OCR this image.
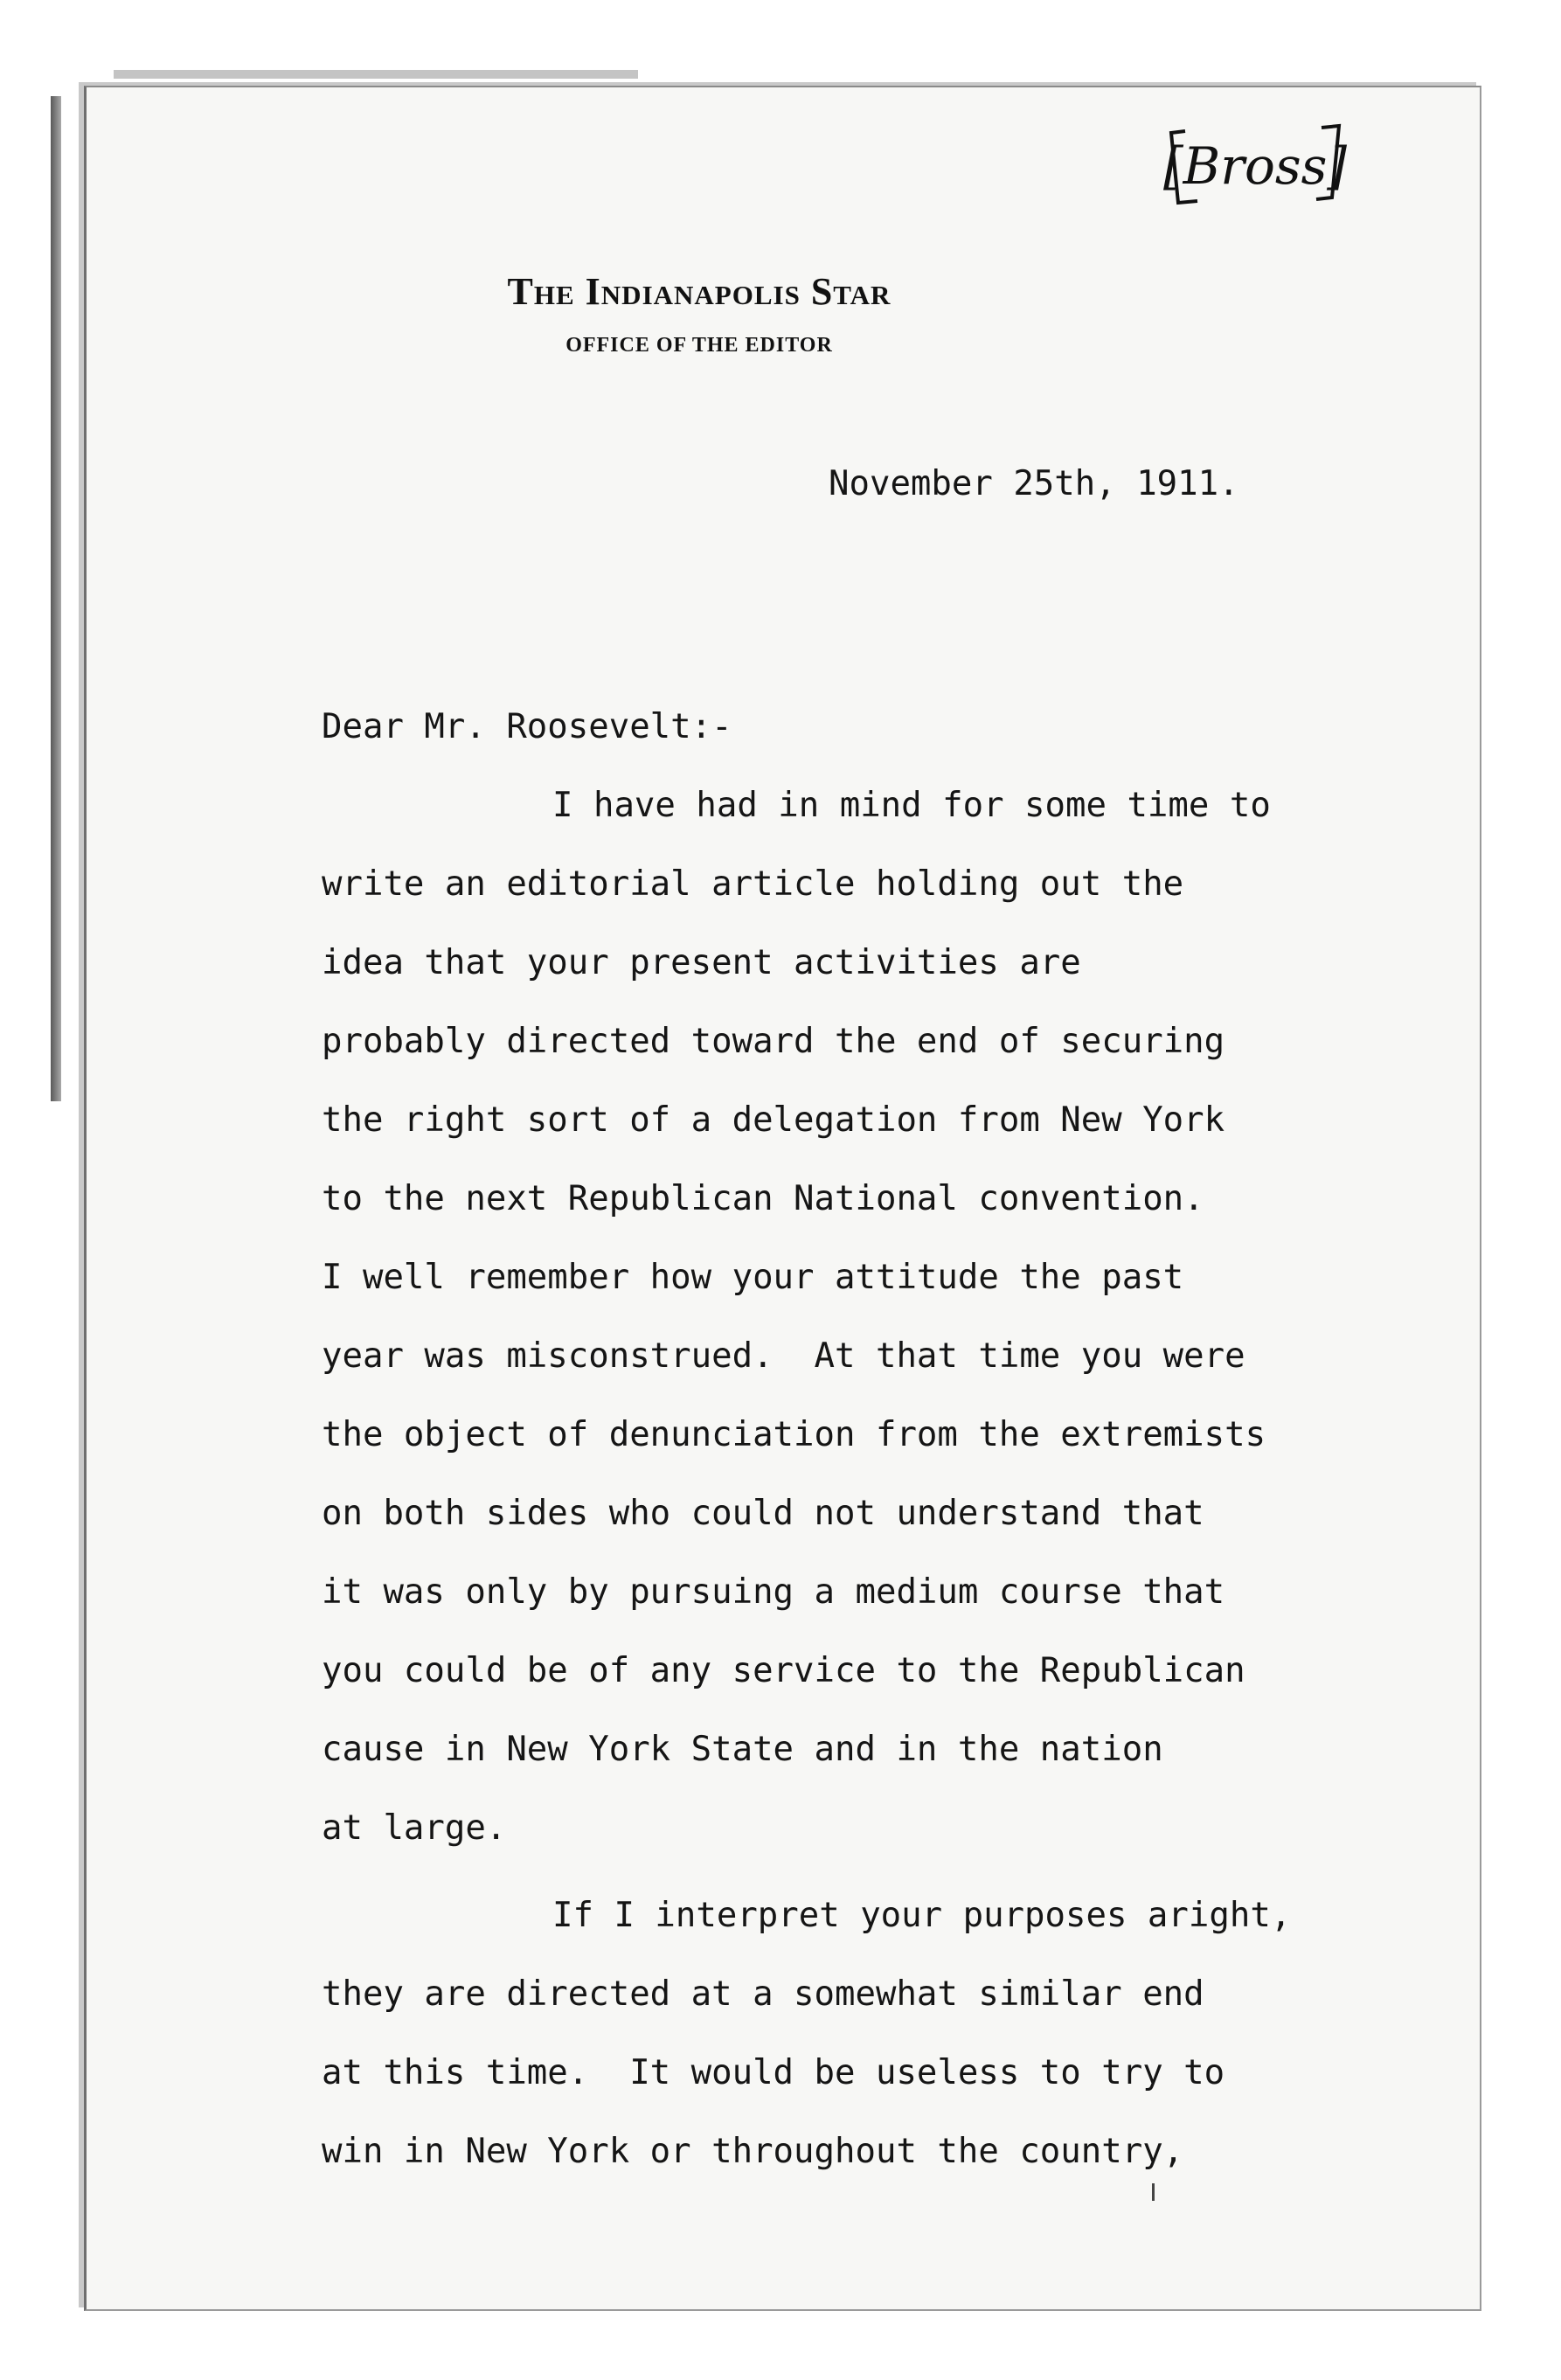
[Bross]
The Indianapolis Star
OFFICE OF THE EDITOR
November 25th, 1911.
Dear Mr. Roosevelt:-
I have had in mind for some time to
write an editorial article holding out the
idea that your present activities are
probably directed toward the end of securing
the right sort of a delegation from New York
to the next Republican National convention.
I well remember how your attitude the past
year was misconstrued.  At that time you were
the object of denunciation from the extremists
on both sides who could not understand that
it was only by pursuing a medium course that
you could be of any service to the Republican
cause in New York State and in the nation
at large.
If I interpret your purposes aright,
they are directed at a somewhat similar end
at this time.  It would be useless to try to
win in New York or throughout the country,
